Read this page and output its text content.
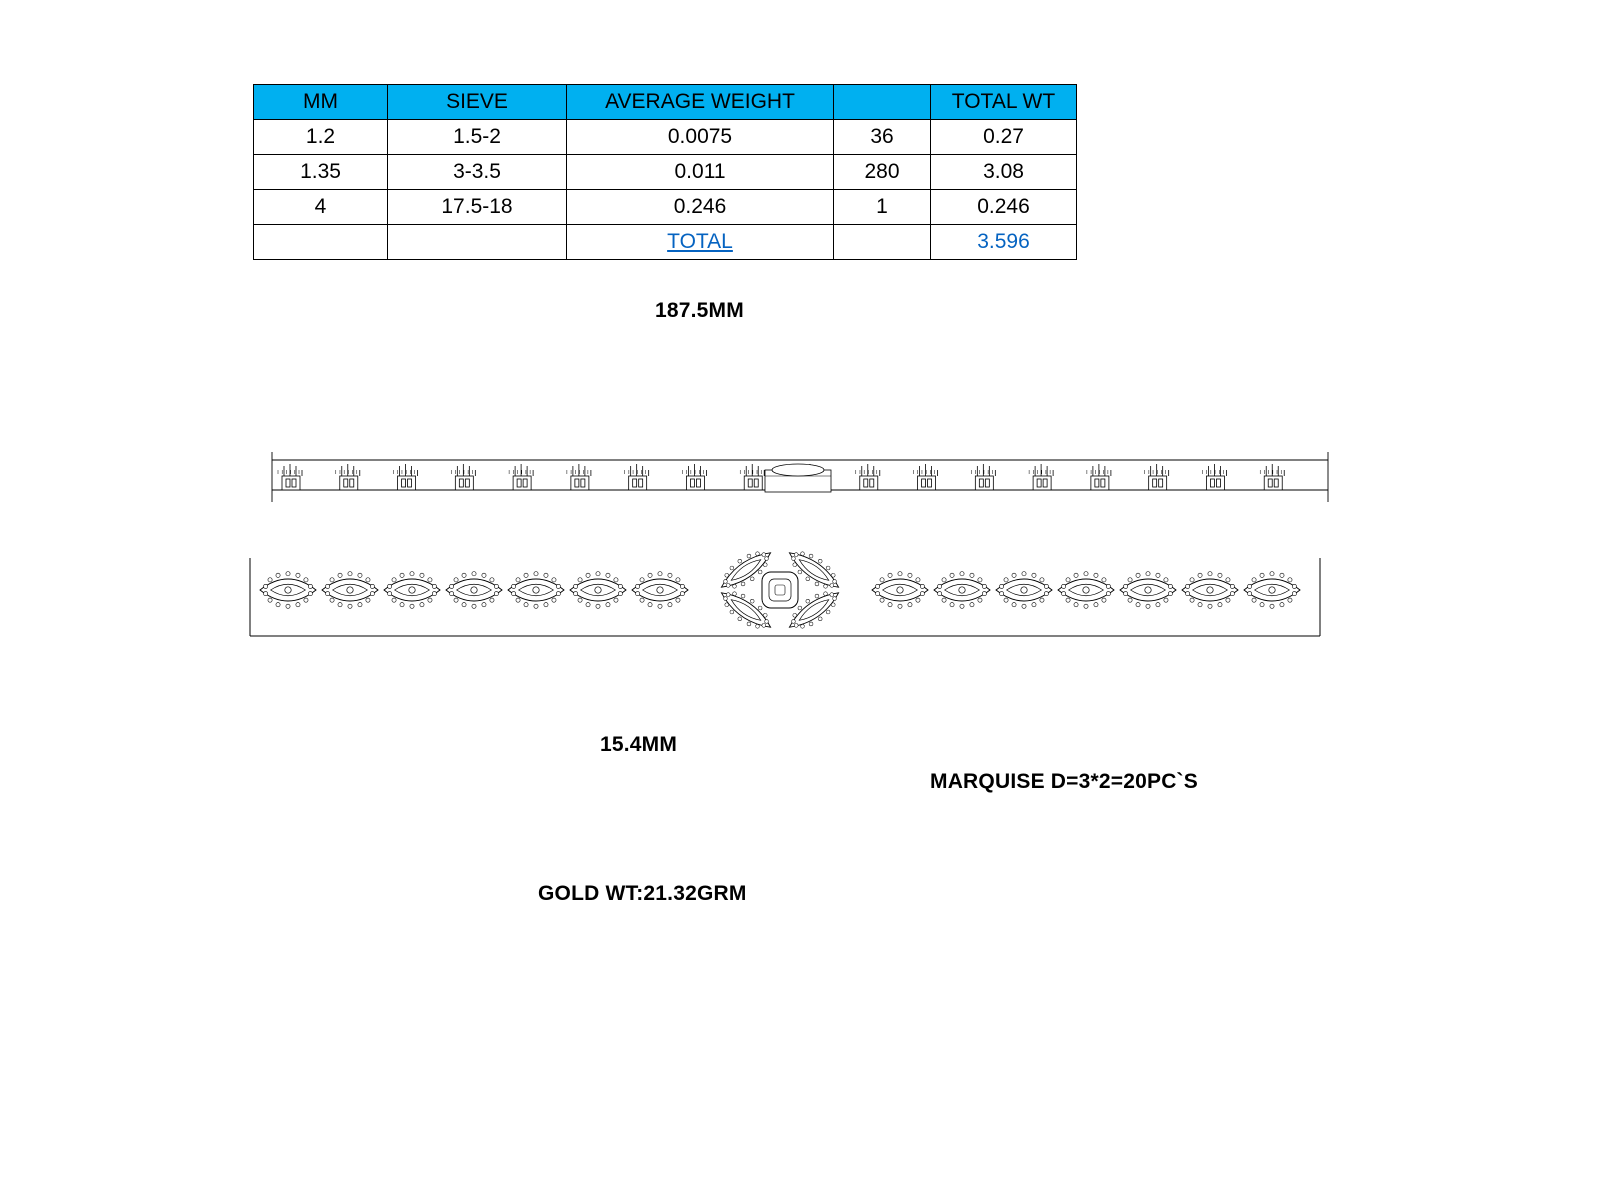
MM	SIEVE	AVERAGE WEIGHT		TOTAL WT
1.2	1.5-2	0.0075	36	0.27
1.35	3-3.5	0.011	280	3.08
4	17.5-18	0.246	1	0.246
		TOTAL		3.596
187.5MM
15.4MM
MARQUISE D=3*2=20PC`S
GOLD WT:21.32GRM
